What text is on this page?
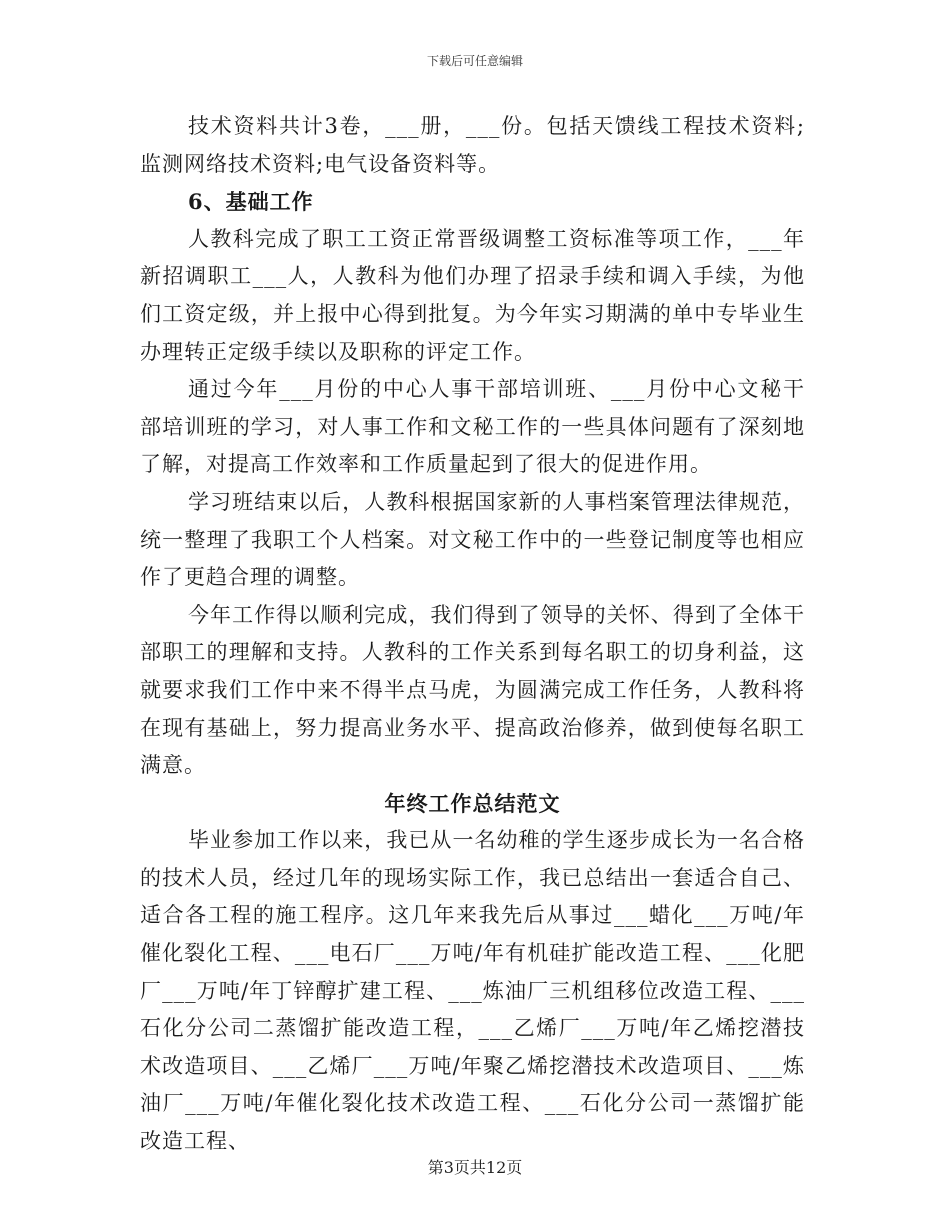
下载后可任意编辑

技术资料共计3卷，___册，___份。包括天馈线工程技术资料;监测网络技术资料;电气设备资料等。

6、基础工作

人教科完成了职工工资正常晋级调整工资标准等项工作，___年新招调职工___人，人教科为他们办理了招录手续和调入手续，为他们工资定级，并上报中心得到批复。为今年实习期满的单中专毕业生办理转正定级手续以及职称的评定工作。

通过今年___月份的中心人事干部培训班、___月份中心文秘干部培训班的学习，对人事工作和文秘工作的一些具体问题有了深刻地了解，对提高工作效率和工作质量起到了很大的促进作用。

学习班结束以后，人教科根据国家新的人事档案管理法律规范，统一整理了我职工个人档案。对文秘工作中的一些登记制度等也相应作了更趋合理的调整。

今年工作得以顺利完成，我们得到了领导的关怀、得到了全体干部职工的理解和支持。人教科的工作关系到每名职工的切身利益，这就要求我们工作中来不得半点马虎，为圆满完成工作任务，人教科将在现有基础上，努力提高业务水平、提高政治修养，做到使每名职工满意。

年终工作总结范文

毕业参加工作以来，我已从一名幼稚的学生逐步成长为一名合格的技术人员，经过几年的现场实际工作，我已总结出一套适合自己、适合各工程的施工程序。这几年来我先后从事过___蜡化___万吨/年催化裂化工程、___电石厂___万吨/年有机硅扩能改造工程、___化肥厂___万吨/年丁锌醇扩建工程、___炼油厂三机组移位改造工程、___石化分公司二蒸馏扩能改造工程，___乙烯厂___万吨/年乙烯挖潜技术改造项目、___乙烯厂___万吨/年聚乙烯挖潜技术改造项目、___炼油厂___万吨/年催化裂化技术改造工程、___石化分公司一蒸馏扩能改造工程、

第3页共12页
